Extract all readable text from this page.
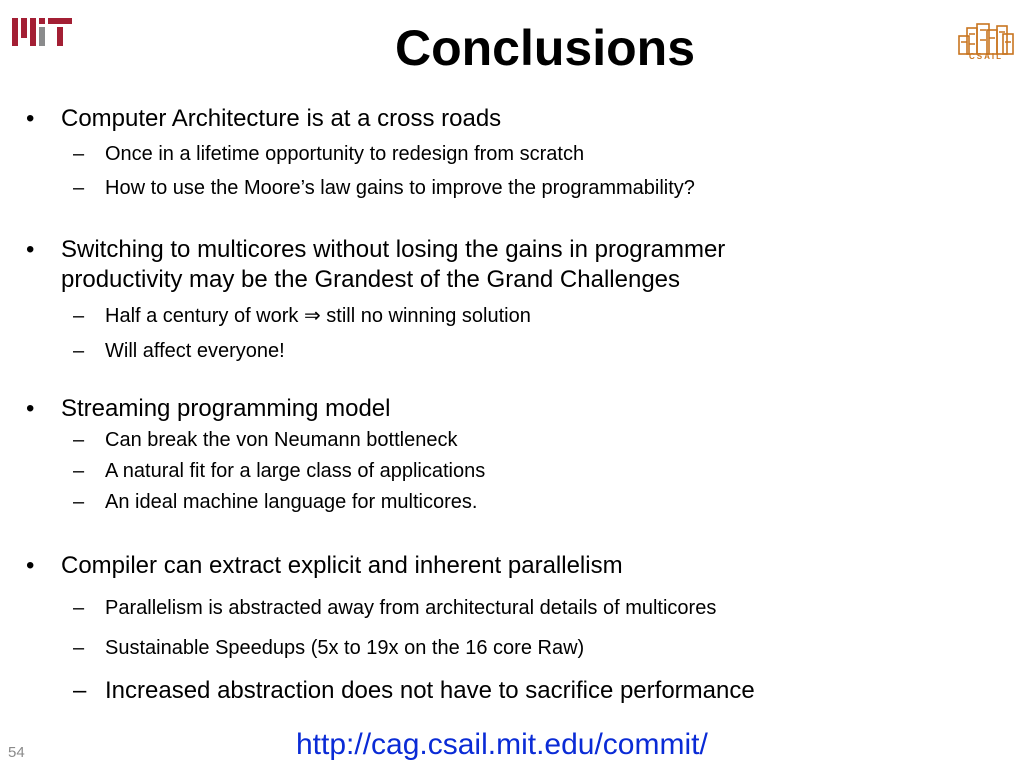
CSAIL
Conclusions
• Computer Architecture is at a cross roads
– Once in a lifetime opportunity to redesign from scratch
– How to use the Moore’s law gains to improve the programmability?
• Switching to multicores without losing the gains in programmer
productivity may be the Grandest of the Grand Challenges
– Half a century of work ⇒ still no winning solution
– Will affect everyone!
• Streaming programming model
– Can break the von Neumann bottleneck
– A natural fit for a large class of applications
– An ideal machine language for multicores.
• Compiler can extract explicit and inherent parallelism
– Parallelism is abstracted away from architectural details of multicores
– Sustainable Speedups (5x to 19x on the 16 core Raw)
– Increased abstraction does not have to sacrifice performance
http://cag.csail.mit.edu/commit/
54
